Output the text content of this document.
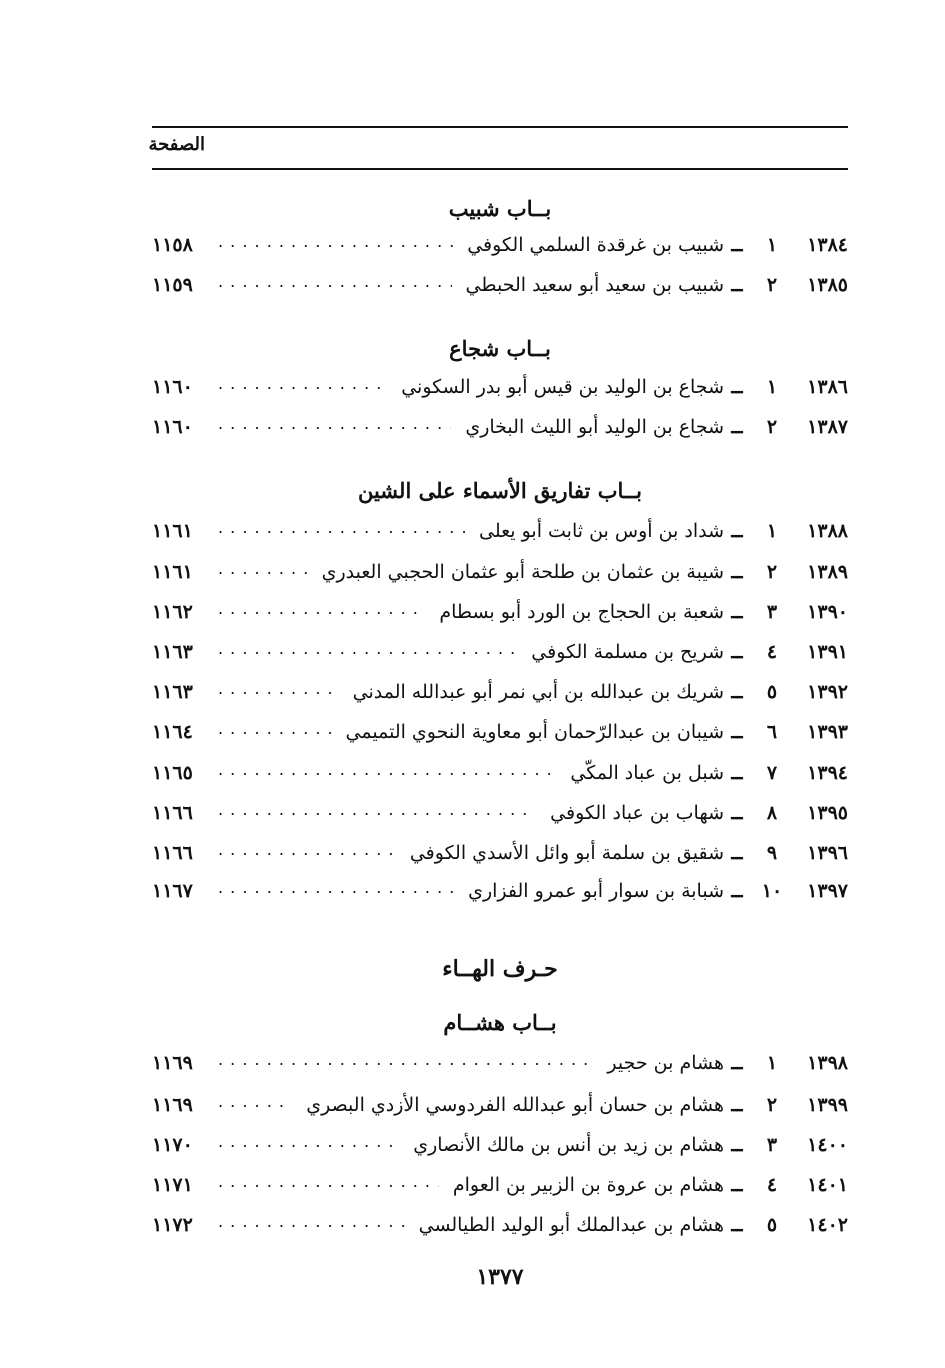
الصفحة
بــاب شبيب
١٣٨٤
١
ــ
شبيب بن غرقدة السلمي الكوفي
. . .
١١٥٨
١٣٨٥
٢
ــ
شبيب بن سعيد أبو سعيد الحبطي
. . .
١١٥٩
بــاب شجاع
١٣٨٦
١
ــ
شجاع بن الوليد بن قيس أبو بدر السكوني
. . .
١١٦٠
١٣٨٧
٢
ــ
شجاع بن الوليد أبو الليث البخاري
. . .
١١٦٠
بــاب تفاريق الأسماء على الشين
١٣٨٨
١
ــ
شداد بن أوس بن ثابت أبو يعلى
. . .
١١٦١
١٣٨٩
٢
ــ
شيبة بن عثمان بن طلحة أبو عثمان الحجبي العبدري
. . .
١١٦١
١٣٩٠
٣
ــ
شعبة بن الحجاج بن الورد أبو بسطام
. . .
١١٦٢
١٣٩١
٤
ــ
شريح بن مسلمة الكوفي
. . .
١١٦٣
١٣٩٢
٥
ــ
شريك بن عبدالله بن أبي نمر أبو عبدالله المدني
. . .
١١٦٣
١٣٩٣
٦
ــ
شيبان بن عبدالرّحمان أبو معاوية النحوي التميمي
. . .
١١٦٤
١٣٩٤
٧
ــ
شبل بن عباد المكّي
. . .
١١٦٥
١٣٩٥
٨
ــ
شهاب بن عباد الكوفي
. . .
١١٦٦
١٣٩٦
٩
ــ
شقيق بن سلمة أبو وائل الأسدي الكوفي
. . .
١١٦٦
١٣٩٧
١٠
ــ
شبابة بن سوار أبو عمرو الفزاري
. . .
١١٦٧
حـرف الهــاء
بــاب هشــام
١٣٩٨
١
ــ
هشام بن حجير
. . .
١١٦٩
١٣٩٩
٢
ــ
هشام بن حسان أبو عبدالله الفردوسي الأزدي البصري
. . .
١١٦٩
١٤٠٠
٣
ــ
هشام بن زيد بن أنس بن مالك الأنصاري
. . .
١١٧٠
١٤٠١
٤
ــ
هشام بن عروة بن الزبير بن العوام
. . .
١١٧١
١٤٠٢
٥
ــ
هشام بن عبدالملك أبو الوليد الطيالسي
. . .
١١٧٢
١٣٧٧
